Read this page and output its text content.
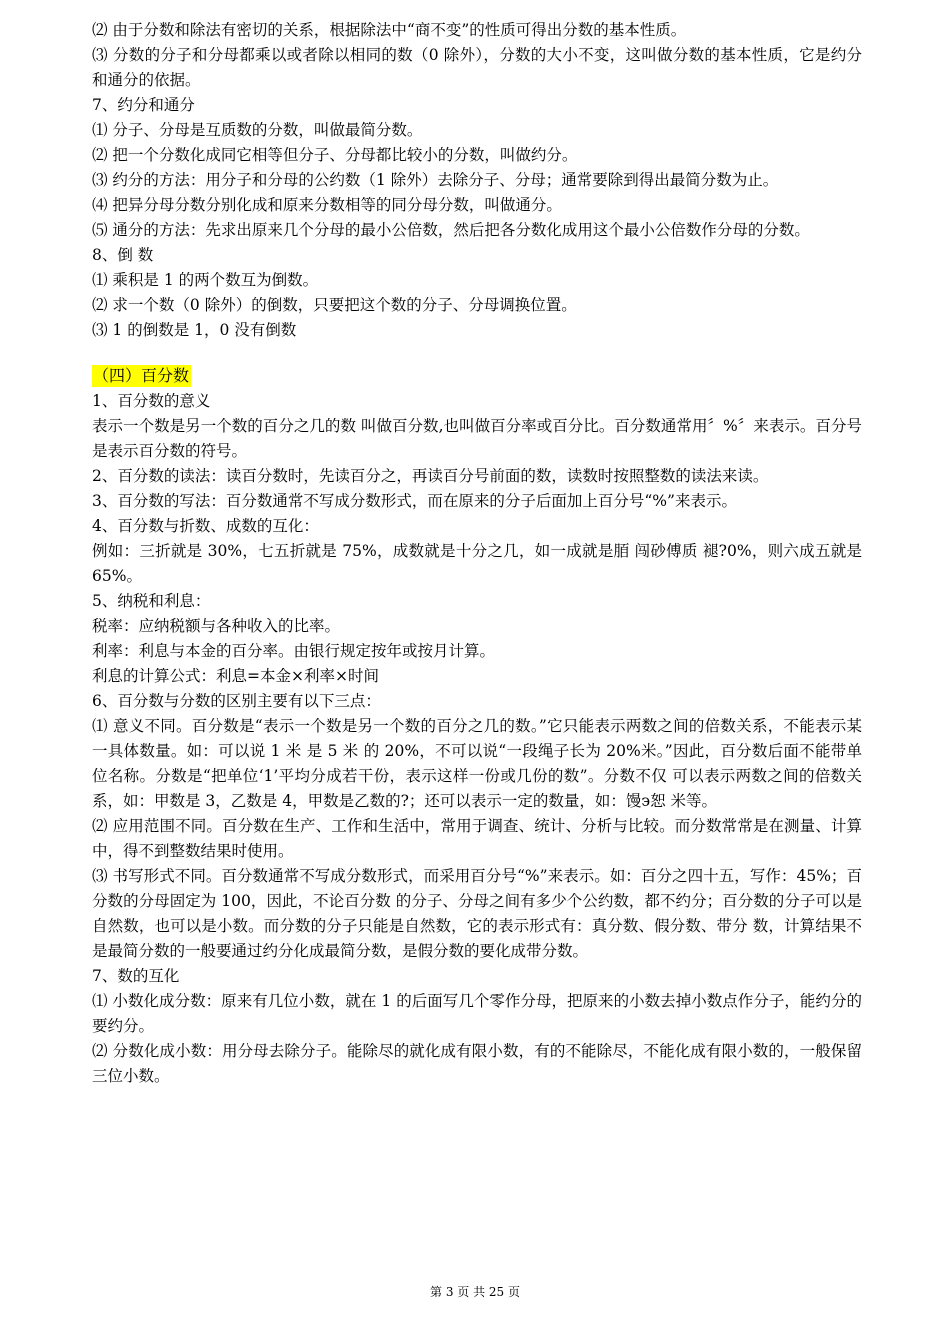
⑵ 由于分数和除法有密切的关系，根据除法中“商不变”的性质可得出分数的基本性质。

⑶ 分数的分子和分母都乘以或者除以相同的数（0 除外），分数的大小不变，这叫做分数的基本性质，它是约分和通分的依据。

7、约分和通分

⑴ 分子、分母是互质数的分数，叫做最简分数。

⑵ 把一个分数化成同它相等但分子、分母都比较小的分数，叫做约分。

⑶ 约分的方法：用分子和分母的公约数（1 除外）去除分子、分母；通常要除到得出最简分数为止。

⑷ 把异分母分数分别化成和原来分数相等的同分母分数，叫做通分。

⑸ 通分的方法：先求出原来几个分母的最小公倍数，然后把各分数化成用这个最小公倍数作分母的分数。

8、倒 数

⑴ 乘积是 1 的两个数互为倒数。

⑵ 求一个数（0 除外）的倒数，只要把这个数的分子、分母调换位置。

⑶ 1 的倒数是 1，0 没有倒数

（四）百分数

1、百分数的意义

表示一个数是另一个数的百分之几的数 叫做百分数,也叫做百分率或百分比。百分数通常用〞%〞来表示。百分号是表示百分数的符号。

2、百分数的读法：读百分数时，先读百分之，再读百分号前面的数，读数时按照整数的读法来读。

3、百分数的写法：百分数通常不写成分数形式，而在原来的分子后面加上百分号“%”来表示。

4、百分数与折数、成数的互化：

例如：三折就是 30%，七五折就是 75%，成数就是十分之几，如一成就是脜 闯砂傅质 褪?0%，则六成五就是 65%。

5、纳税和利息：

税率：应纳税额与各种收入的比率。

利率：利息与本金的百分率。由银行规定按年或按月计算。

利息的计算公式：利息=本金×利率×时间

6、百分数与分数的区别主要有以下三点：

⑴ 意义不同。百分数是“表示一个数是另一个数的百分之几的数。”它只能表示两数之间的倍数关系，不能表示某一具体数量。如：可以说 1 米 是 5 米 的 20%，不可以说“一段绳子长为 20%米。”因此，百分数后面不能带单位名称。分数是“把单位‘1’平均分成若干份，表示这样一份或几份的数”。分数不仅 可以表示两数之间的倍数关系，如：甲数是 3，乙数是 4，甲数是乙数的?；还可以表示一定的数量，如：馒϶恕 米等。

⑵ 应用范围不同。百分数在生产、工作和生活中，常用于调查、统计、分析与比较。而分数常常是在测量、计算中，得不到整数结果时使用。

⑶ 书写形式不同。百分数通常不写成分数形式，而采用百分号“%”来表示。如：百分之四十五，写作：45%；百分数的分母固定为 100，因此，不论百分数 的分子、分母之间有多少个公约数，都不约分；百分数的分子可以是自然数，也可以是小数。而分数的分子只能是自然数，它的表示形式有：真分数、假分数、带分 数，计算结果不是最简分数的一般要通过约分化成最简分数，是假分数的要化成带分数。

7、数的互化

⑴ 小数化成分数：原来有几位小数，就在 1 的后面写几个零作分母，把原来的小数去掉小数点作分子，能约分的要约分。

⑵ 分数化成小数：用分母去除分子。能除尽的就化成有限小数，有的不能除尽，不能化成有限小数的，一般保留三位小数。

第 3 页 共 25 页
